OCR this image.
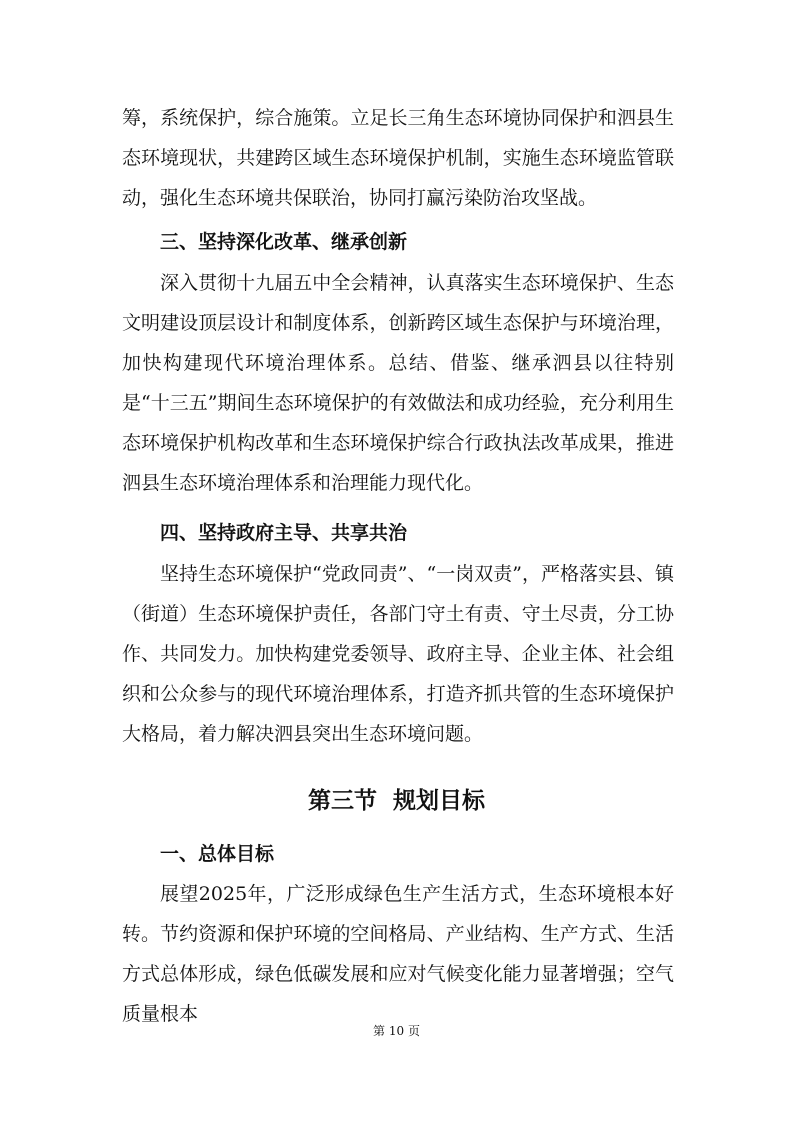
筹，系统保护，综合施策。立足长三角生态环境协同保护和泗县生态环境现状，共建跨区域生态环境保护机制，实施生态环境监管联动，强化生态环境共保联治，协同打赢污染防治攻坚战。

三、坚持深化改革、继承创新

深入贯彻十九届五中全会精神，认真落实生态环境保护、生态文明建设顶层设计和制度体系，创新跨区域生态保护与环境治理，加快构建现代环境治理体系。总结、借鉴、继承泗县以往特别是“十三五”期间生态环境保护的有效做法和成功经验，充分利用生态环境保护机构改革和生态环境保护综合行政执法改革成果，推进泗县生态环境治理体系和治理能力现代化。

四、坚持政府主导、共享共治

坚持生态环境保护“党政同责”、“一岗双责”，严格落实县、镇（街道）生态环境保护责任，各部门守土有责、守土尽责，分工协作、共同发力。加快构建党委领导、政府主导、企业主体、社会组织和公众参与的现代环境治理体系，打造齐抓共管的生态环境保护大格局，着力解决泗县突出生态环境问题。

第三节  规划目标
一、总体目标

展望2025年，广泛形成绿色生产生活方式，生态环境根本好转。节约资源和保护环境的空间格局、产业结构、生产方式、生活方式总体形成，绿色低碳发展和应对气候变化能力显著增强；空气质量根本

第 10 页
